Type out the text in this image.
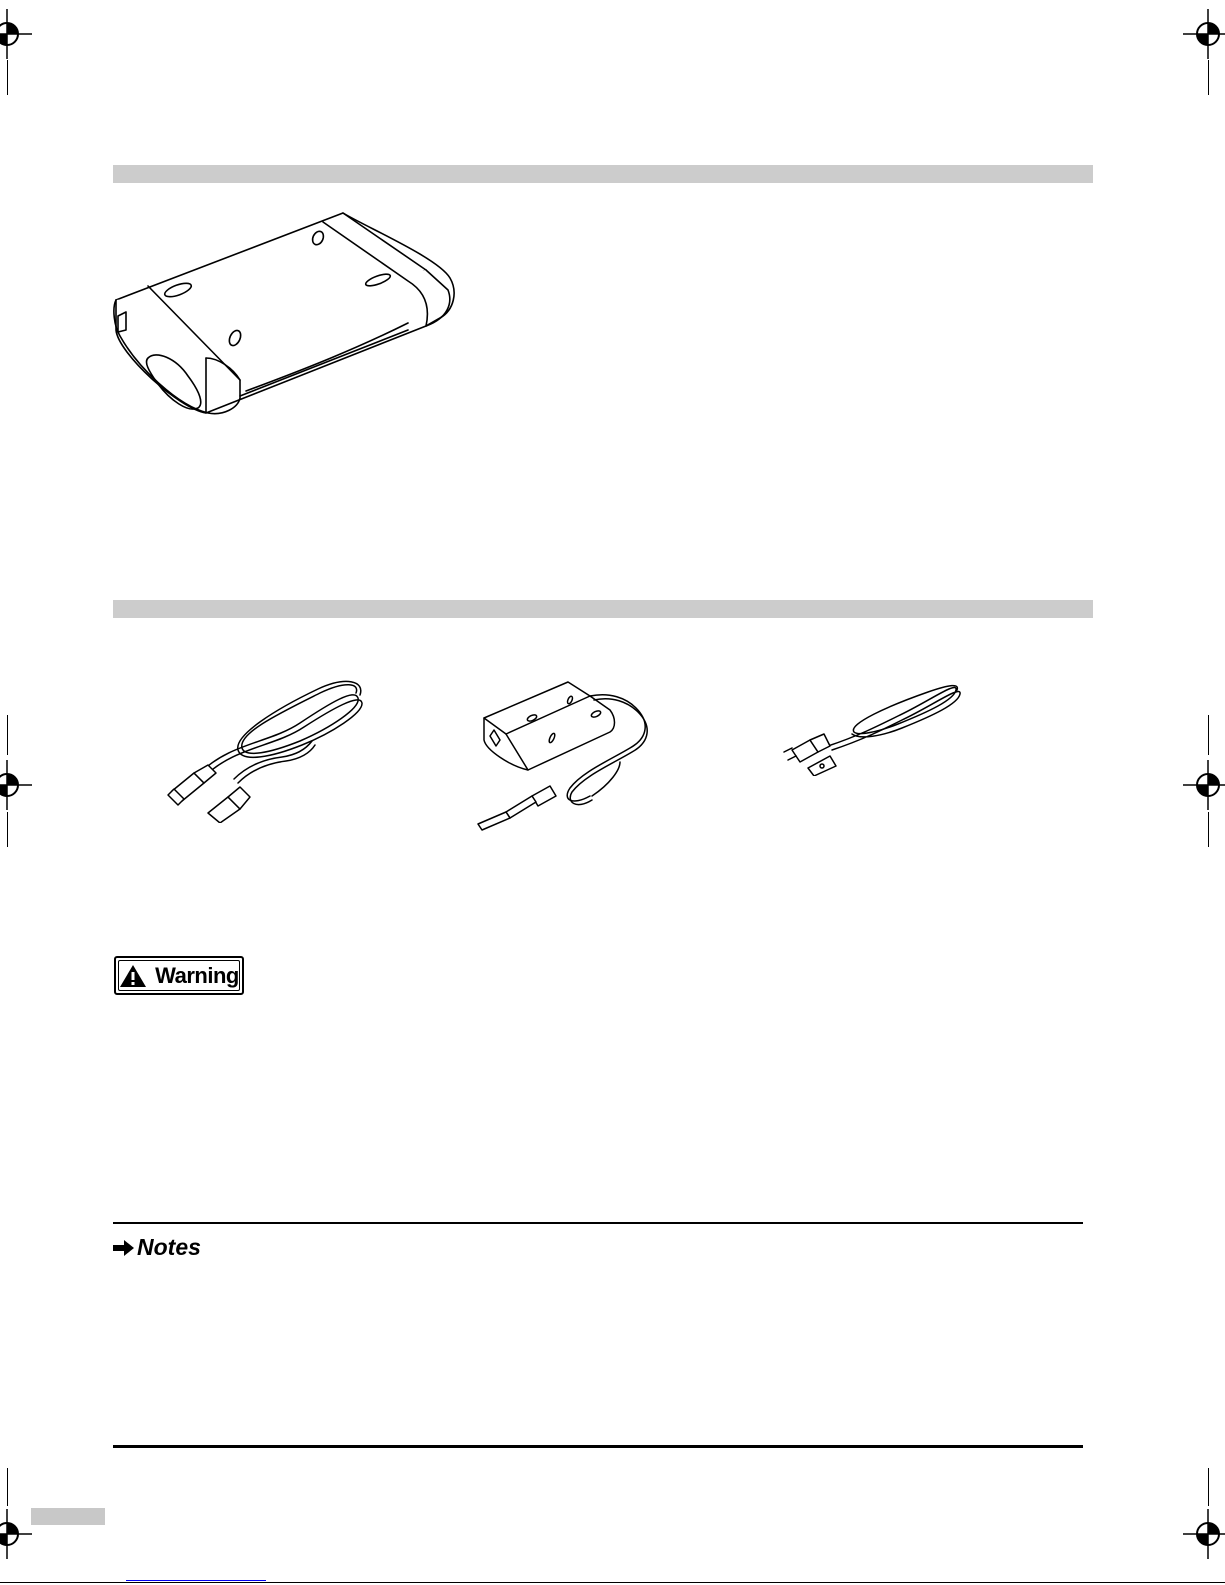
Warning
Notes
